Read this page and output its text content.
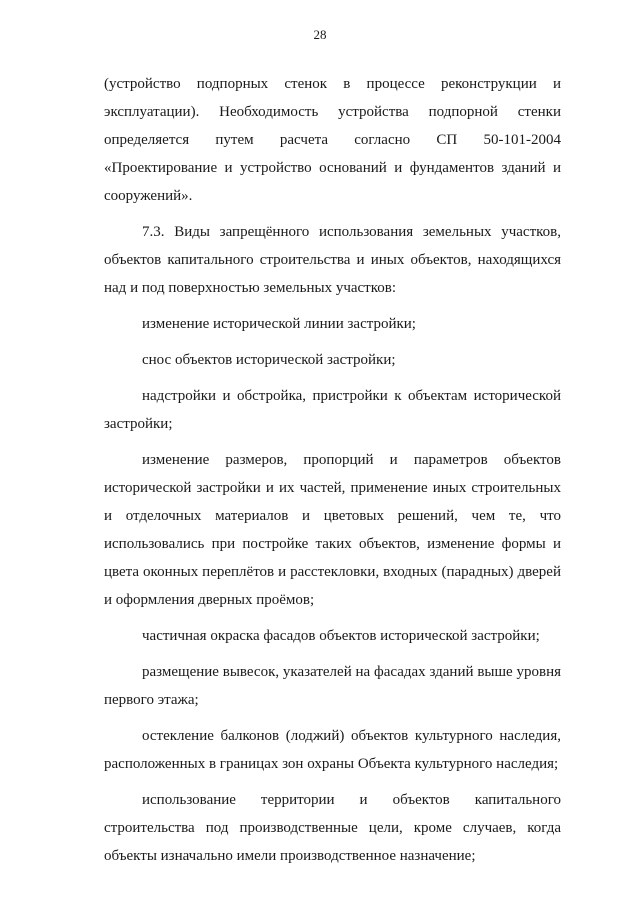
28

(устройство подпорных стенок в процессе реконструкции и эксплуатации). Необходимость устройства подпорной стенки определяется путем расчета согласно СП 50-101-2004 «Проектирование и устройство оснований и фундаментов зданий и сооружений».

7.3. Виды запрещённого использования земельных участков, объектов капитального строительства и иных объектов, находящихся над и под поверхностью земельных участков:

изменение исторической линии застройки;

снос объектов исторической застройки;

надстройки и обстройка, пристройки к объектам исторической застройки;

изменение размеров, пропорций и параметров объектов исторической застройки и их частей, применение иных строительных и отделочных материалов и цветовых решений, чем те, что использовались при постройке таких объектов, изменение формы и цвета оконных переплётов и расстекловки, входных (парадных) дверей и оформления дверных проёмов;

частичная окраска фасадов объектов исторической застройки;

размещение вывесок, указателей на фасадах зданий выше уровня первого этажа;

остекление балконов (лоджий) объектов культурного наследия, расположенных в границах зон охраны Объекта культурного наследия;

использование территории и объектов капитального строительства под производственные цели, кроме случаев, когда объекты изначально имели производственное назначение;
